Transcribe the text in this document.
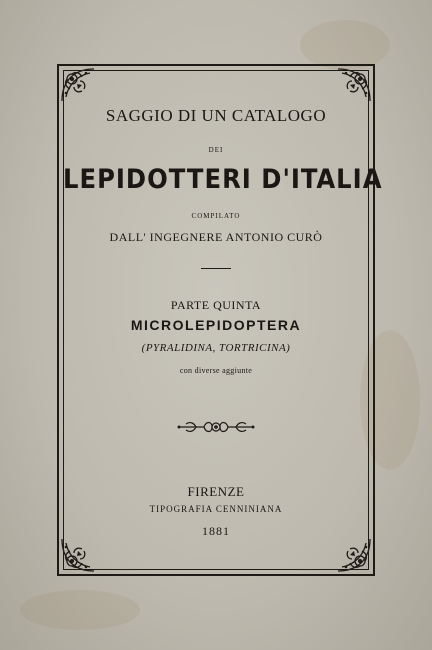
SAGGIO DI UN CATALOGO
DEI
LEPIDOTTERI D'ITALIA
COMPILATO
DALL' INGEGNERE ANTONIO CURÒ
PARTE QUINTA
MICROLEPIDOPTERA
(PYRALIDINA, TORTRICINA)
con diverse aggiunte
FIRENZE
TIPOGRAFIA CENNINIANA
1881
